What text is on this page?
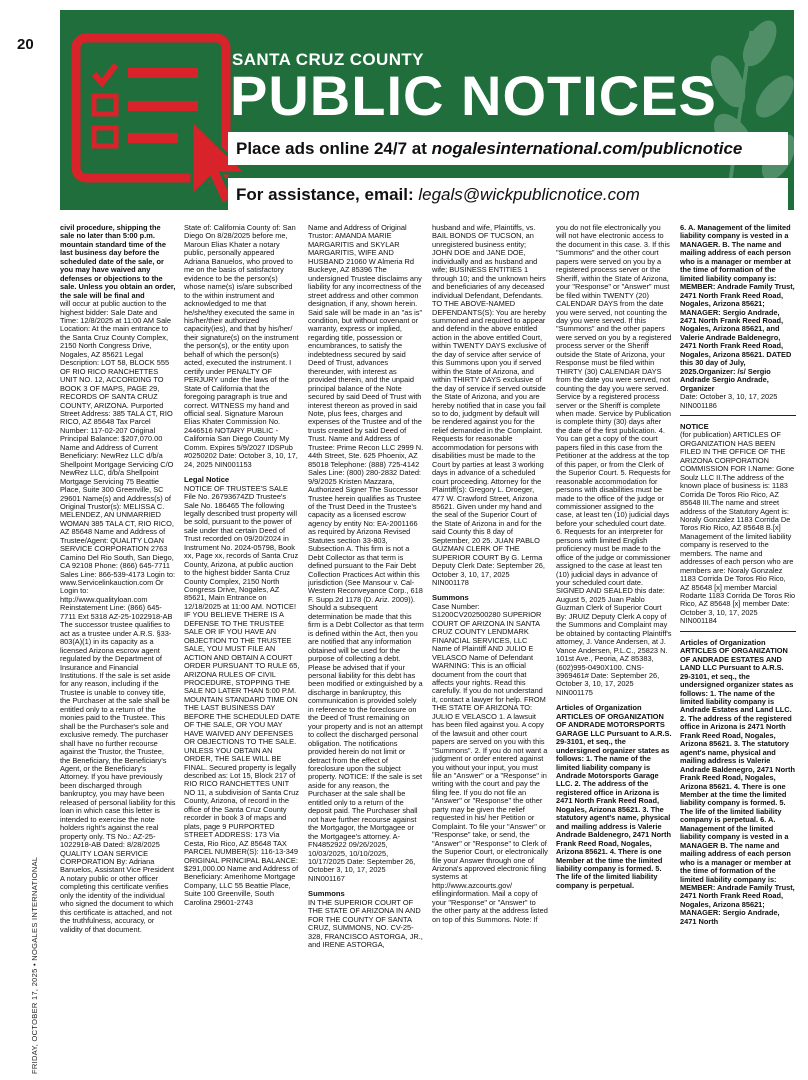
20
FRIDAY, OCTOBER 17, 2025 • NOGALES INTERNATIONAL
SANTA CRUZ COUNTY
PUBLIC NOTICES
Place ads online 24/7 at nogalesinternational.com/publicnotice
For assistance, email: legals@wickpublicnotice.com

civil procedure, shipping the sale no later than 5:00 p.m. mountain standard time of the last business day before the scheduled date of the sale, or you may have waived any defenses or objections to the sale. Unless you obtain an order, the sale will be final and

will occur at public auction to the highest bidder: Sale Date and Time: 12/8/2025 at 11:00 AM Sale Location: At the main entrance to the Santa Cruz County Complex, 2150 North Congress Drive, Nogales, AZ 85621 Legal Description: LOT 58, BLOCK 555 OF RIO RICO RANCHETTES UNIT NO. 12, ACCORDING TO BOOK 3 OF MAPS, PAGE 29, RECORDS OF SANTA CRUZ COUNTY, ARIZONA. Purported Street Address: 385 TALA CT, RIO RICO, AZ 85648 Tax Parcel Number: 117-02-207 Original Principal Balance: $207,070.00 Name and Address of Current Beneficiary: NewRez LLC d/b/a Shellpoint Mortgage Servicing C/O NewRez LLC, d/b/a Shellpoint Mortgage Servicing 75 Beattie Place, Suite 300 Greenville, SC 29601 Name(s) and Address(s) of Original Trustor(s): MELISSA C. MELENDEZ, AN UNMARRIED WOMAN 385 TALA CT, RIO RICO, AZ 85648 Name and Address of Trustee/Agent: QUALITY LOAN SERVICE CORPORATION 2763 Camino Del Rio South, San Diego, CA 92108 Phone: (866) 645-7711 Sales Line: 866-539-4173 Login to: www.Servicelinkauction.com Or Login to: http://www.qualityloan.com Reinstatement Line: (866) 645-7711 Ext 5318 AZ-25-1022918-AB The successor trustee qualifies to act as a trustee under A.R.S. §33-803(A)(1) in its capacity as a licensed Arizona escrow agent regulated by the Department of Insurance and Financial Institutions. If the sale is set aside for any reason, including if the Trustee is unable to convey title, the Purchaser at the sale shall be entitled only to a return of the monies paid to the Trustee. This shall be the Purchaser's sole and exclusive remedy. The purchaser shall have no further recourse against the Trustor, the Trustee, the Beneficiary, the Beneficiary's Agent, or the Beneficiary's Attorney. If you have previously been discharged through bankruptcy, you may have been released of personal liability for this loan in which case this letter is intended to exercise the note holders right's against the real property only. TS No.: AZ-25-1022918-AB Dated: 8/28/2025 QUALITY LOAN SERVICE CORPORATION By: Adriana Banuelos, Assistant Vice President A notary public or other officer completing this certificate verifies only the identity of the individual who signed the document to which this certificate is attached, and not the truthfulness, accuracy, or validity of that document.

State of: California County of: San Diego On 8/28/2025 before me, Maroun Elias Khater a notary public, personally appeared Adriana Banuelos, who proved to me on the basis of satisfactory evidence to be the person(s) whose name(s) is/are subscribed to the within instrument and acknowledged to me that he/she/they executed the same in his/her/their authorized capacity(ies), and that by his/her/ their signature(s) on the instrument the person(s), or the entity upon behalf of which the person(s) acted, executed the instrument. I certify under PENALTY OF PERJURY under the laws of the State of California that the foregoing paragraph is true and correct. WITNESS my hand and official seal. Signature Maroun Elias Khater Commission No. 2446516 NOTARY PUBLIC - California San Diego County My Comm. Expires 5/9/2027 IDSPub #0250202 Date: October 3, 10, 17, 24, 2025 NIN001153

Legal Notice

NOTICE OF TRUSTEE'S SALE File No. 26793674ZD Trustee's Sale No. 186465 The following legally described trust property will be sold, pursuant to the power of sale under that certain Deed of Trust recorded on 09/20/2024 in Instrument No. 2024-05798, Book xx, Page xx, records of Santa Cruz County, Arizona, at public auction to the highest bidder Santa Cruz County Complex, 2150 North Congress Drive, Nogales, AZ 85621, Main Entrance on 12/18/2025 at 11:00 AM. NOTICE! IF YOU BELIEVE THERE IS A DEFENSE TO THE TRUSTEE SALE OR IF YOU HAVE AN OBJECTION TO THE TRUSTEE SALE, YOU MUST FILE AN ACTION AND OBTAIN A COURT ORDER PURSUANT TO RULE 65, ARIZONA RULES OF CIVIL PROCEDURE, STOPPING THE SALE NO LATER THAN 5:00 P.M. MOUNTAIN STANDARD TIME ON THE LAST BUSINESS DAY BEFORE THE SCHEDULED DATE OF THE SALE, OR YOU MAY HAVE WAIVED ANY DEFENSES OR OBJECTIONS TO THE SALE. UNLESS YOU OBTAIN AN ORDER, THE SALE WILL BE FINAL. Secured property is legally described as: Lot 15, Block 217 of RIO RICO RANCHETTES UNIT NO 11, a subdivision of Santa Cruz County, Arizona, of record in the office of the Santa Cruz County recorder in book 3 of maps and plats, page 9 PURPORTED STREET ADDRESS: 173 Via Cesta, Rio Rico, AZ 85648 TAX PARCEL NUMBER(S): 116-13-349 ORIGINAL PRINCIPAL BALANCE: $291,000.00 Name and Address of Beneficiary: Amerihome Mortgage Company, LLC 55 Beattie Place, Suite 100 Greenville, South Carolina 29601-2743

Name and Address of Original Trustor: AMANDA MARIE MARGARITIS and SKYLAR MARGARITIS, WIFE AND HUSBAND 21060 W Almeria Rd Buckeye, AZ 85396 The undersigned Trustee disclaims any liability for any incorrectness of the street address and other common designation, if any, shown herein. Said sale will be made in an "as is" condition, but without covenant or warranty, express or implied, regarding title, possession or encumbrances, to satisfy the indebtedness secured by said Deed of Trust, advances thereunder, with interest as provided therein, and the unpaid principal balance of the Note secured by said Deed of Trust with interest thereon as proved in said Note, plus fees, charges and expenses of the Trustee and of the trusts created by said Deed of Trust. Name and Address of Trustee: Prime Recon LLC 2999 N. 44th Street, Ste. 625 Phoenix, AZ 85018 Telephone: (888) 725-4142 Sales Line: (800) 280-2832 Dated: 9/9/2025 Kristen Mazzara, Authorized Signer The Successor Trustee herein qualifies as Trustee of the Trust Deed in the Trustee's capacity as a licensed escrow agency by entity No: EA-2001166 as required by Arizona Revised Statutes section 33-803, Subsection A. This firm is not a Debt Collector as that term is defined pursuant to the Fair Debt Collection Practices Act within this jurisdiction (See Mansour v. Cal-Western Reconveyance Corp., 618 F. Supp.2d 1178 (D. Ariz. 2009)). Should a subsequent determination be made that this firm is a Debt Collector as that term is defined within the Act, then you are notified that any information obtained will be used for the purpose of collecting a debt. Please be advised that if your personal liability for this debt has been modified or extinguished by a discharge in bankruptcy, this communication is provided solely in reference to the foreclosure on the Deed of Trust remaining on your property and is not an attempt to collect the discharged personal obligation. The notifications provided herein do not limit or detract from the effect of foreclosure upon the subject property. NOTICE: If the sale is set aside for any reason, the Purchaser at the sale shall be entitled only to a return of the deposit paid. The Purchaser shall not have further recourse against the Mortgagor, the Mortgagee or the Mortgagee's attorney. A-FN4852922 09/26/2025, 10/03/2025, 10/10/2025, 10/17/2025 Date: September 26, October 3, 10, 17, 2025 NIN001167

Summons

IN THE SUPERIOR COURT OF THE STATE OF ARIZONA IN AND FOR THE COUNTY OF SANTA CRUZ, SUMMONS, NO. CV-25-328, FRANCISCO ASTORGA, JR., and IRENE ASTORGA,

husband and wife, Plaintiffs, vs. BAIL BONDS OF TUCSON, an unregistered business entity; JOHN DOE and JANE DOE, individually and as husband and wife; BUSINESS ENTITIES 1 through 10; and the unknown heirs and beneficiaries of any deceased individual Defendant, Defendants. TO THE ABOVE-NAMED DEFENDANTS(S): You are hereby summoned and required to appear and defend in the above entitled action in the above entitled Court, within TWENTY DAYS exclusive of the day of service after service of this Summons upon you if served within the State of Arizona, and within THIRTY DAYS exclusive of the day of service if served outside the State of Arizona, and you are hereby notified that in case you fail so to do, judgment by default will be rendered against you for the relief demanded in the Complaint. Requests for reasonable accommodation for persons with disabilities must be made to the Court by parties at least 3 working days in advance of a scheduled court proceeding. Attorney for the Plaintiff(s): Gregory L. Droeger, 477 W. Crawford Street, Arizona 85621. Given under my hand and the seal of the Superior Court of the State of Arizona in and for the said County this 8 day of September, 20 25. JUAN PABLO GUZMAN CLERK OF THE SUPERIOR COURT By G. Lerma Deputy Clerk Date: September 26, October 3, 10, 17, 2025 NIN001178

Summons

Case Number: S1200CV202500280 SUPERIOR COURT OF ARIZONA IN SANTA CRUZ COUNTY LENDMARK FINANCIAL SERVICES, LLC Name of Plaintiff AND JULIO E VELASCO Name of Defendant WARNING: This is an official document from the court that affects your rights. Read this carefully. If you do not understand it, contact a lawyer for help. FROM THE STATE OF ARIZONA TO: JULIO E VELASCO 1. A lawsuit has been filed against you. A copy of the lawsuit and other court papers are served on you with this "Summons". 2. If you do not want a judgment or order entered against you without your input, you must file an "Answer" or a "Response" in writing with the court and pay the filing fee. If you do not file an "Answer" or "Response" the other party may be given the relief requested in his/ her Petition or Complaint. To file your "Answer" or "Response" take, or send, the "Answer" or "Response" to Clerk of the Superior Court, or electronically file your Answer through one of Arizona's approved electronic filing systems at http://www.azcourts.gov/ efilinginformation. Mail a copy of your "Response" or "Answer" to the other party at the address listed on top of this Summons. Note: If

you do not file electronically you will not have electronic access to the document in this case. 3. If this "Summons" and the other court papers were served on you by a registered process server or the Sheriff, within the State of Arizona, your "Response" or "Answer" must be filed within TWENTY (20) CALENDAR DAYS from the date you were served, not counting the day you were served. If this "Summons" and the other papers were served on you by a registered process server or the Sheriff outside the State of Arizona, your Response must be filed within THIRTY (30) CALENDAR DAYS from the date you were served, not counting the day you were served. Service by a registered process server or the Sheriff is complete when made. Service by Publication is complete thirty (30) days after the date of the first publication. 4. You can get a copy of the court papers filed in this case from the Petitioner at the address at the top of this paper, or from the Clerk of the Superior Court. 5. Requests for reasonable accommodation for persons with disabilities must be made to the office of the judge or commissioner assigned to the case, at least ten (10) judicial days before your scheduled court date. 6. Requests for an interpreter for persons with limited English proficiency must be made to the office of the judge or commissioner assigned to the case at least ten (10) judicial days in advance of your scheduled court date. SIGNED AND SEALED this date: August 5, 2025 Juan Pablo Guzman Clerk of Superior Court By: JRUIZ Deputy Clerk A copy of the Summons and Complaint may be obtained by contacting Plaintiff's attorney, J. Vance Andersen, at J. Vance Andersen, P.L.C., 25823 N. 101st Ave., Peoria, AZ 85383, (602)995-0490X100. CNS-3969461# Date: September 26, October 3, 10, 17, 2025 NIN001175

Articles of Organization

ARTICLES OF ORGANIZATION OF ANDRADE MOTORSPORTS GARAGE LLC Pursuant to A.R.S. 29-3101, et seq., the undersigned organizer states as follows: 1. The name of the limited liability company is Andrade Motorsports Garage LLC. 2. The address of the registered office in Arizona is 2471 North Frank Reed Road, Nogales, Arizona 85621. 3. The statutory agent's name, physical and mailing address is Valerie Andrade Baldenegro, 2471 North Frank Reed Road, Nogales, Arizona 85621. 4. There is one Member at the time the limited liability company is formed. 5. The life of the limited liability company is perpetual.

6. A. Management of the limited liability company is vested in a MANAGER. B. The name and mailing address of each person who is a manager or member at the time of formation of the limited liability company is: MEMBER: Andrade Family Trust, 2471 North Frank Reed Road, Nogales, Arizona 85621; MANAGER: Sergio Andrade, 2471 North Frank Reed Road, Nogales, Arizona 85621, and Valerie Andrade Baldenegro, 2471 North Frank Reed Road, Nogales, Arizona 85621. DATED this 30 day of July, 2025.Organizer: /s/ Sergio Andrade Sergio Andrade, Organizer

Date: October 3, 10, 17, 2025 NIN001186

NOTICE

(for publication) ARTICLES OF ORGANIZATION HAS BEEN FILED IN THE OFFICE OF THE ARIZONA CORPORATION COMMISSION FOR I.Name: Gone Soulz LLC II.The address of the known place of business is: 1183 Corrida De Toros Rio Rico, AZ 85648 III.The name and street address of the Statutory Agent is: Noraly Gonzalez 1183 Corrida De Toros Rio Rico, AZ 85648 B.[x] Management of the limited liability company is reserved to the members. The name and addresses of each person who are members are: Noraly Gonzalez 1183 Corrida De Toros Rio Rico, AZ 85648 [x] member Marcial Rodarte 1183 Corrida De Toros Rio Rico, AZ 85648 [x] member Date: October 3, 10, 17, 2025 NIN001184

Articles of Organization

ARTICLES OF ORGANIZATION OF ANDRADE ESTATES AND LAND LLC Pursuant to A.R.S. 29-3101, et seq., the undersigned organizer states as follows: 1. The name of the limited liability company is Andrade Estates and Land LLC. 2. The address of the registered office in Arizona is 2471 North Frank Reed Road, Nogales, Arizona 85621. 3. The statutory agent's name, physical and mailing address is Valerie Andrade Baldenegro, 2471 North Frank Reed Road, Nogales, Arizona 85621. 4. There is one Member at the time the limited liability company is formed. 5. The life of the limited liability company is perpetual. 6. A. Management of the limited liability company is vested in a MANAGER B. The name and mailing address of each person who is a manager or member at the time of formation of the limited liability company is: MEMBER: Andrade Family Trust, 2471 North Frank Reed Road, Nogales, Arizona 85621; MANAGER: Sergio Andrade, 2471 North
